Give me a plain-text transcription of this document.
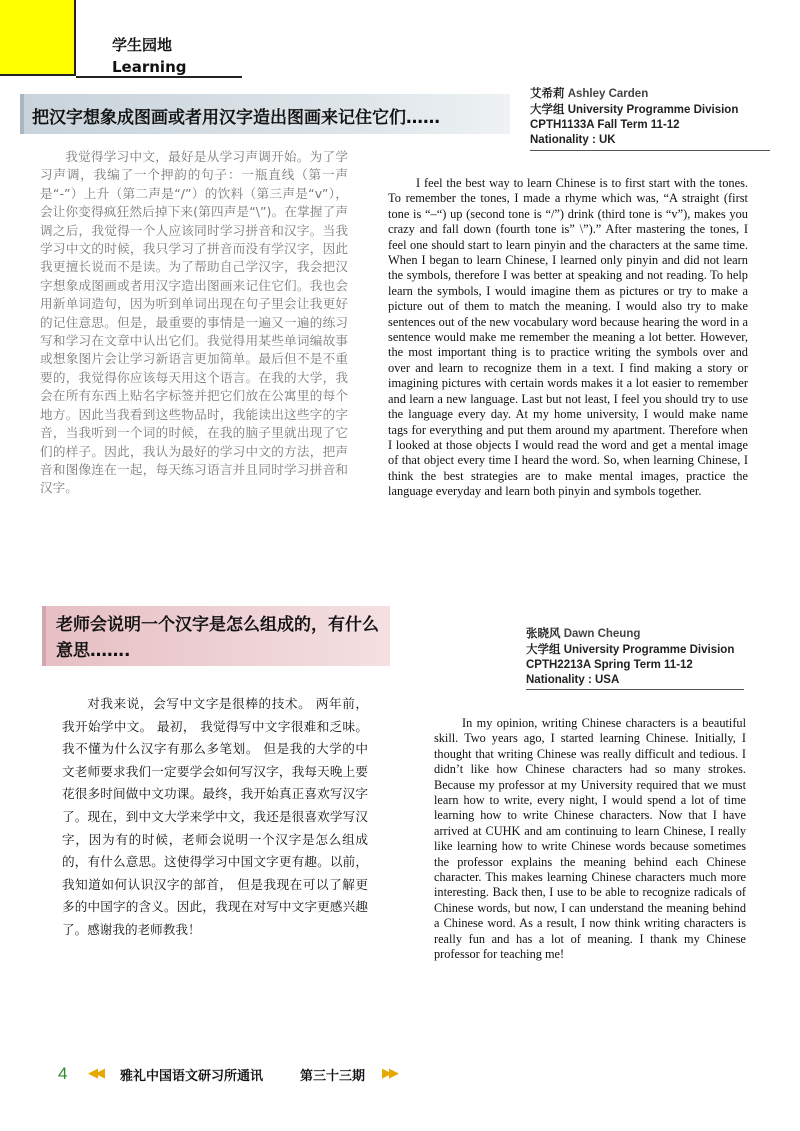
学生园地
Learning
把汉字想象成图画或者用汉字造出图画来记住它们……
艾希莉 Ashley Carden
大学组 University Programme Division
CPTH1133A Fall Term 11-12
Nationality : UK
我觉得学习中文，最好是从学习声调开始。为了学习声调，我编了一个押韵的句子：一瓶直线（第一声是“-”）上升（第二声是“/”）的饮料（第三声是“v”），会让你变得疯狂然后掉下来(第四声是“\”)。在掌握了声调之后，我觉得一个人应该同时学习拼音和汉字。当我学习中文的时候，我只学习了拼音而没有学汉字，因此我更擅长说而不是读。为了帮助自己学汉字，我会把汉字想象成图画或者用汉字造出图画来记住它们。我也会用新单词造句，因为听到单词出现在句子里会让我更好的记住意思。但是，最重要的事情是一遍又一遍的练习写和学习在文章中认出它们。我觉得用某些单词编故事或想象图片会让学习新语言更加简单。最后但不是不重要的，我觉得你应该每天用这个语言。在我的大学，我会在所有东西上贴名字标签并把它们放在公寓里的每个地方。因此当我看到这些物品时，我能读出这些字的字音，当我听到一个词的时候，在我的脑子里就出现了它们的样子。因此，我认为最好的学习中文的方法，把声音和图像连在一起，每天练习语言并且同时学习拼音和汉字。
I feel the best way to learn Chinese is to first start with the tones. To remember the tones, I made a rhyme which was, “A straight (first tone is “–“) up (second tone is “/”) drink (third tone is “v”), makes you crazy and fall down (fourth tone is” \”).” After mastering the tones, I feel one should start to learn pinyin and the characters at the same time. When I began to learn Chinese, I learned only pinyin and did not learn the symbols, therefore I was better at speaking and not reading. To help learn the symbols, I would imagine them as pictures or try to make a picture out of them to match the meaning. I would also try to make sentences out of the new vocabulary word because hearing the word in a sentence would make me remember the meaning a lot better. However, the most important thing is to practice writing the symbols over and over and learn to recognize them in a text. I find making a story or imagining pictures with certain words makes it a lot easier to remember and learn a new language. Last but not least, I feel you should try to use the language every day. At my home university, I would make name tags for everything and put them around my apartment. Therefore when I looked at those objects I would read the word and get a mental image of that object every time I heard the word. So, when learning Chinese, I think the best strategies are to make mental images, practice the language everyday and learn both pinyin and symbols together.
老师会说明一个汉字是怎么组成的，有什么意思…….
张晓风 Dawn Cheung
大学组 University Programme Division
CPTH2213A Spring Term 11-12
Nationality : USA
对我来说，会写中文字是很棒的技术。 两年前，我开始学中文。 最初， 我觉得写中文字很难和乏味。我不懂为什么汉字有那么多笔划。 但是我的大学的中文老师要求我们一定要学会如何写汉字，我每天晚上要花很多时间做中文功课。最终，我开始真正喜欢写汉字了。现在，到中文大学来学中文，我还是很喜欢学写汉字，因为有的时候，老师会说明一个汉字是怎么组成的，有什么意思。这使得学习中国文字更有趣。以前，我知道如何认识汉字的部首， 但是我现在可以了解更多的中国字的含义。因此，我现在对写中文字更感兴趣了。感谢我的老师教我！
In my opinion, writing Chinese characters is a beautiful skill. Two years ago, I started learning Chinese. Initially, I thought that writing Chinese was really difficult and tedious. I didn’t like how Chinese characters had so many strokes. Because my professor at my University required that we must learn how to write, every night, I would spend a lot of time learning how to write Chinese characters. Now that I have arrived at CUHK and am continuing to learn Chinese, I really like learning how to write Chinese words because sometimes the professor explains the meaning behind each Chinese character. This makes learning Chinese characters much more interesting. Back then, I use to be able to recognize radicals of Chinese words, but now, I can understand the meaning behind a Chinese word. As a result, I now think writing characters is really fun and has a lot of meaning. I thank my Chinese professor for teaching me!
4 ◀◀ 雅礼中国语文研习所通讯	第三十三期 ▶▶
